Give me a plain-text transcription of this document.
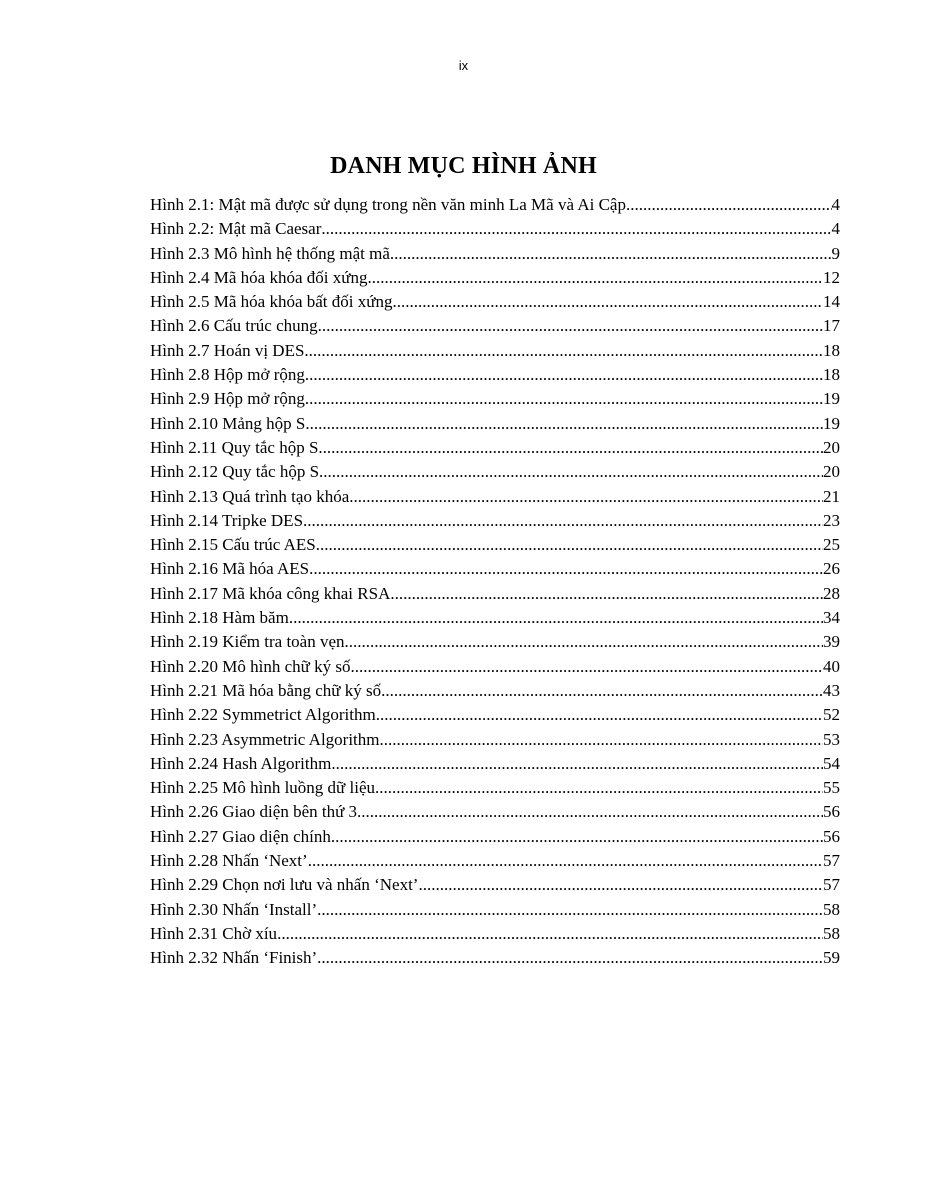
ix
DANH MỤC HÌNH ẢNH
Hình 2.1: Mật mã được sử dụng trong nền văn minh La Mã và Ai Cập .....	4
Hình 2.2: Mật mã Caesar .....	4
Hình 2.3 Mô hình hệ thống mật mã .....	9
Hình 2.4 Mã hóa khóa đối xứng .....	12
Hình 2.5 Mã hóa khóa bất đối xứng .....	14
Hình 2.6 Cấu trúc chung .....	17
Hình 2.7 Hoán vị DES .....	18
Hình 2.8 Hộp mở rộng .....	18
Hình 2.9 Hộp mở rộng .....	19
Hình 2.10 Mảng hộp S .....	19
Hình 2.11 Quy tắc hộp S .....	20
Hình 2.12 Quy tắc hộp S .....	20
Hình 2.13 Quá trình tạo khóa .....	21
Hình 2.14 Tripke DES .....	23
Hình 2.15 Cấu trúc AES .....	25
Hình 2.16 Mã hóa AES .....	26
Hình 2.17 Mã khóa công khai RSA .....	28
Hình 2.18 Hàm băm .....	34
Hình 2.19 Kiểm tra toàn vẹn .....	39
Hình 2.20 Mô hình chữ ký số .....	40
Hình 2.21 Mã hóa bằng chữ ký số .....	43
Hình 2.22 Symmetrict Algorithm .....	52
Hình 2.23 Asymmetric Algorithm .....	53
Hình 2.24 Hash Algorithm .....	54
Hình 2.25 Mô hình luồng dữ liệu .....	55
Hình 2.26 Giao diện bên thứ 3 .....	56
Hình 2.27 Giao diện chính .....	56
Hình 2.28 Nhấn ‘Next’ .....	57
Hình 2.29 Chọn nơi lưu và nhấn ‘Next’ .....	57
Hình 2.30 Nhấn ‘Install’ .....	58
Hình 2.31 Chờ xíu .....	58
Hình 2.32 Nhấn ‘Finish’ .....	59
